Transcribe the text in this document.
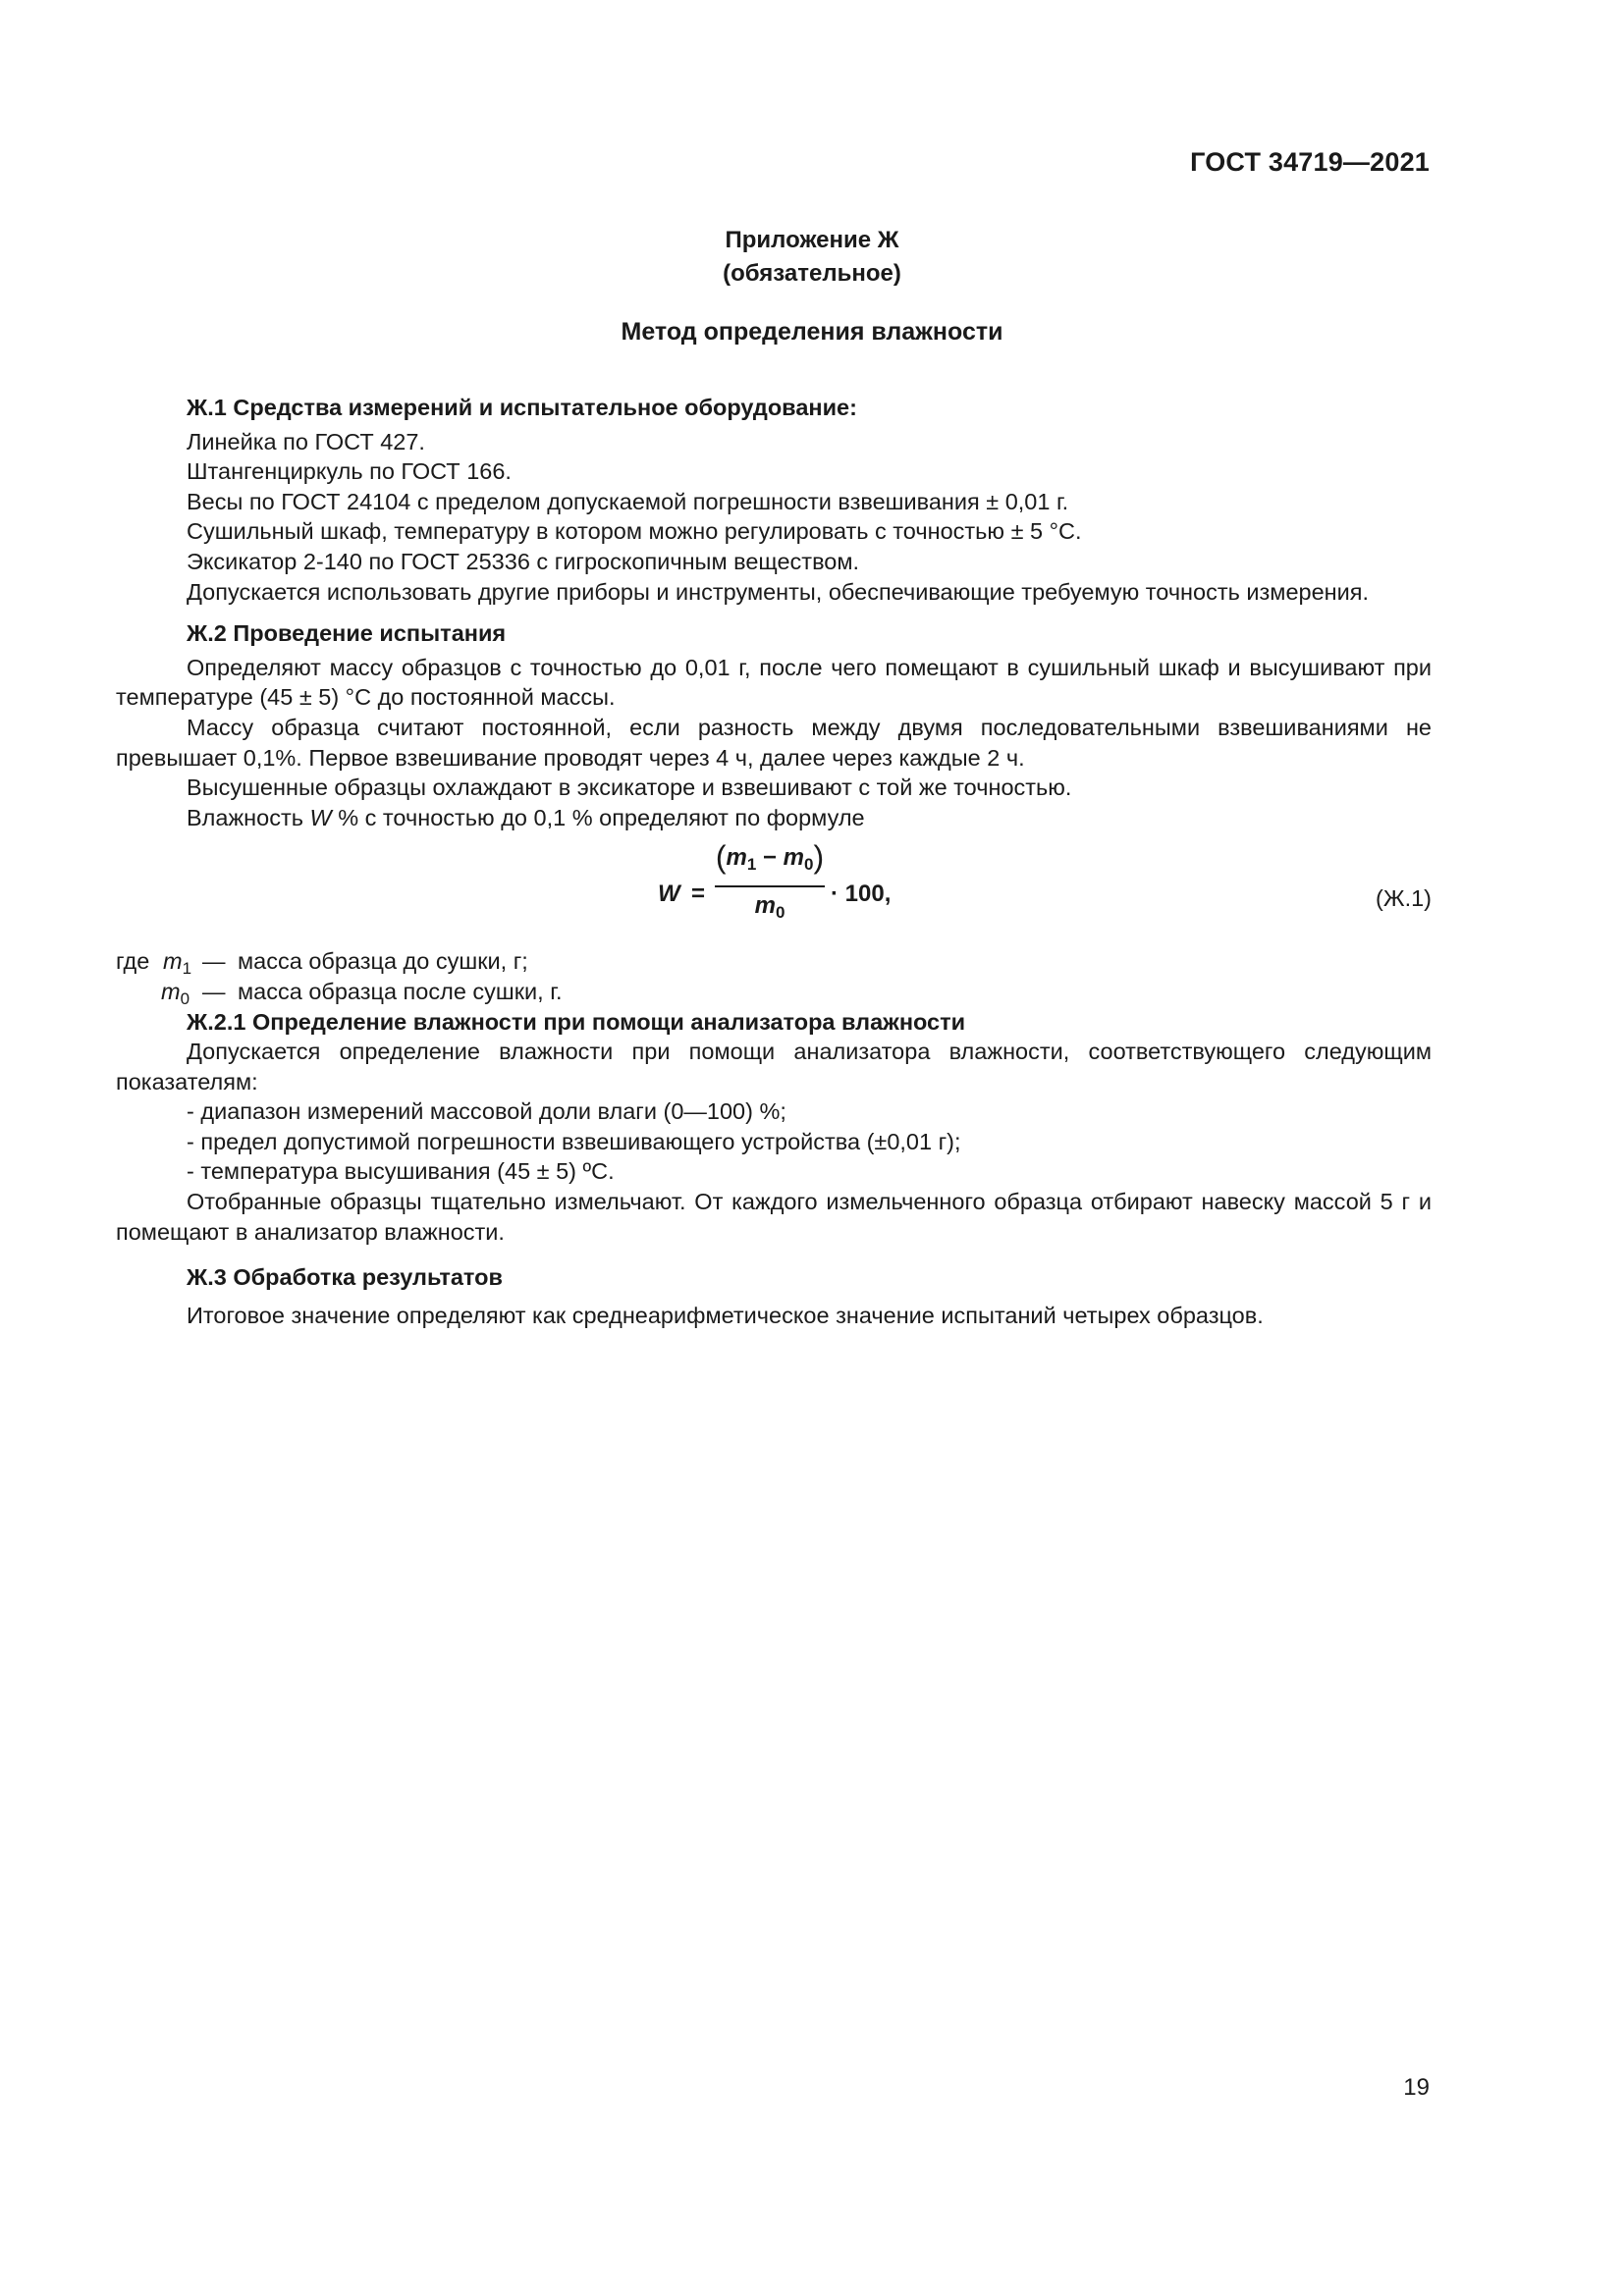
ГОСТ 34719—2021
Приложение Ж
(обязательное)
Метод определения влажности

Ж.1 Средства измерений и испытательное оборудование:

Линейка по ГОСТ 427.

Штангенциркуль по ГОСТ 166.

Весы по ГОСТ 24104 с пределом допускаемой погрешности взвешивания ± 0,01 г.

Сушильный шкаф, температуру в котором можно регулировать с точностью ± 5 °С.

Эксикатор 2-140 по ГОСТ 25336 с гигроскопичным веществом.

Допускается использовать другие приборы и инструменты, обеспечивающие требуемую точность измерения.

Ж.2 Проведение испытания

Определяют массу образцов с точностью до 0,01 г, после чего помещают в сушильный шкаф и высушивают при температуре (45 ± 5) °С до постоянной массы.

Массу образца считают постоянной, если разность между двумя последовательными взвешиваниями не превышает 0,1%. Первое взвешивание проводят через 4 ч, далее через каждые 2 ч.

Высушенные образцы охлаждают в эксикаторе и взвешивают с той же точностью.

Влажность W % с точностью до 0,1 % определяют по формуле

W =
$(m_1 - m_0)$
$m_0$
· 100,	(Ж.1)
где $m_1$ — масса образца до сушки, г;
$m_0$ — масса образца после сушки, г.

Ж.2.1 Определение влажности при помощи анализатора влажности

Допускается определение влажности при помощи анализатора влажности, соответствующего следующим показателям:

- диапазон измерений массовой доли влаги (0—100) %;

- предел допустимой погрешности взвешивающего устройства (±0,01 г);

- температура высушивания (45 ± 5) ºС.

Отобранные образцы тщательно измельчают. От каждого измельченного образца отбирают навеску массой 5 г и помещают в анализатор влажности.

Ж.3 Обработка результатов

Итоговое значение определяют как среднеарифметическое значение испытаний четырех образцов.

19
